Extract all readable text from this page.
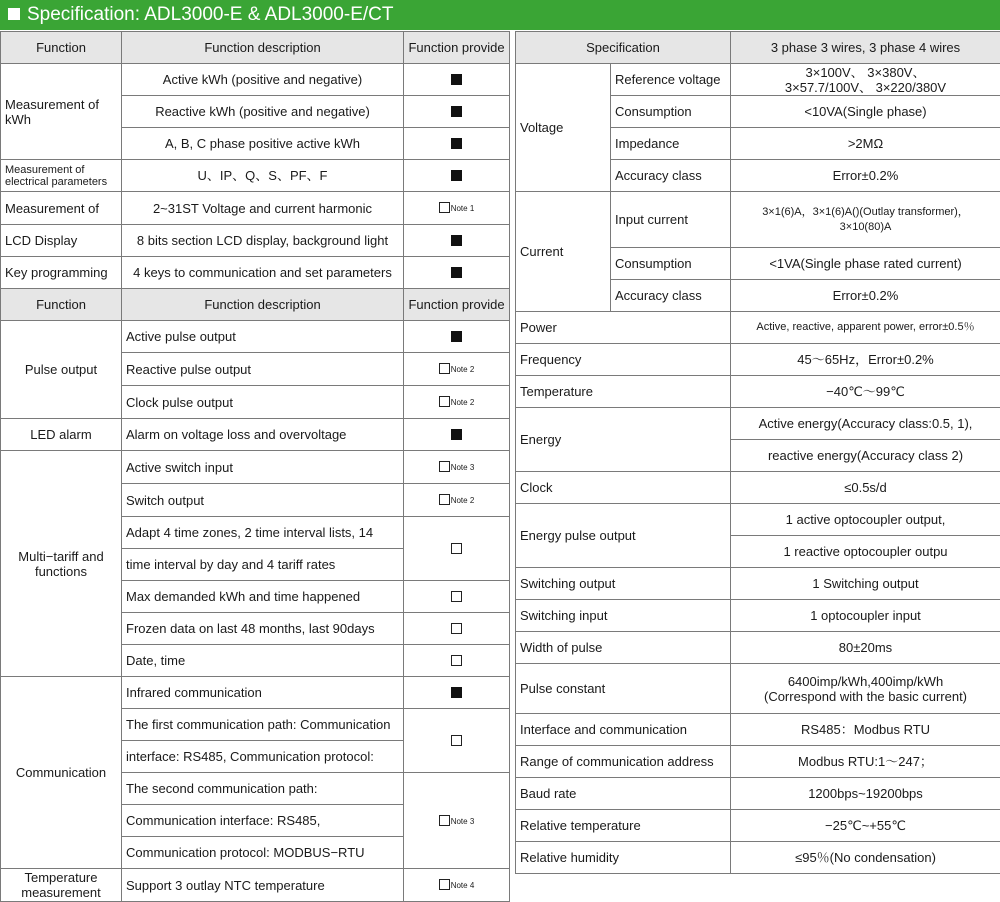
Specification: ADL3000-E & ADL3000-E/CT
Function	Function description	Function provide
Measurement of kWh	Active kWh (positive and negative)	
	Reactive kWh (positive and negative)	
	A, B, C phase positive active kWh	
Measurement of electrical parameters	U、IP、Q、S、PF、F	
Measurement of	2~31ST Voltage and current harmonic	Note 1
LCD Display	8 bits section LCD display, background light	
Key programming	4 keys to communication and set parameters	
Function	Function description	Function provide
Pulse output	Active pulse output	
	Reactive pulse output	Note 2
	Clock pulse output	Note 2
LED alarm	Alarm on voltage loss and overvoltage	
Multi−tariff and functions	Active switch input	Note 3
	Switch output	Note 2
	Adapt 4 time zones, 2 time interval lists, 14	
	time interval by day and 4 tariff rates	
	Max demanded kWh and time happened	
	Frozen data on last 48 months, last 90days	
	Date, time	
Communication	Infrared communication	
	The first communication path: Communication	
	interface: RS485, Communication protocol:	
	The second communication path:	Note 3
	Communication interface: RS485,	
	Communication protocol: MODBUS−RTU	
Temperature measurement	Support 3 outlay NTC temperature	Note 4
Specification		3 phase 3 wires, 3 phase 4 wires
Voltage	Reference voltage	3×100V、 3×380V、
3×57.7/100V、 3×220/380V
	Consumption	<10VA(Single phase)
	Impedance	>2MΩ
	Accuracy class	Error±0.2%
Current	Input current	3×1(6)A，3×1(6)A()(Outlay transformer)，
3×10(80)A
	Consumption	<1VA(Single phase rated current)
	Accuracy class	Error±0.2%
Power		Active, reactive, apparent power, error±0.5％
Frequency		45～65Hz，Error±0.2%
Temperature		−40℃～99℃
Energy		Active energy(Accuracy class:0.5, 1),
		reactive energy(Accuracy class 2)
Clock		≤0.5s/d
Energy pulse output		1 active optocoupler output,
		1 reactive optocoupler outpu
Switching output		1 Switching output
Switching input		1 optocoupler input
Width of pulse		80±20ms
Pulse constant		6400imp/kWh,400imp/kWh
(Correspond with the basic current)
Interface and communication		RS485：Modbus RTU
Range of communication address		Modbus RTU:1～247；
Baud rate		1200bps~19200bps
Relative temperature		−25℃~+55℃
Relative humidity		≤95％(No condensation)
